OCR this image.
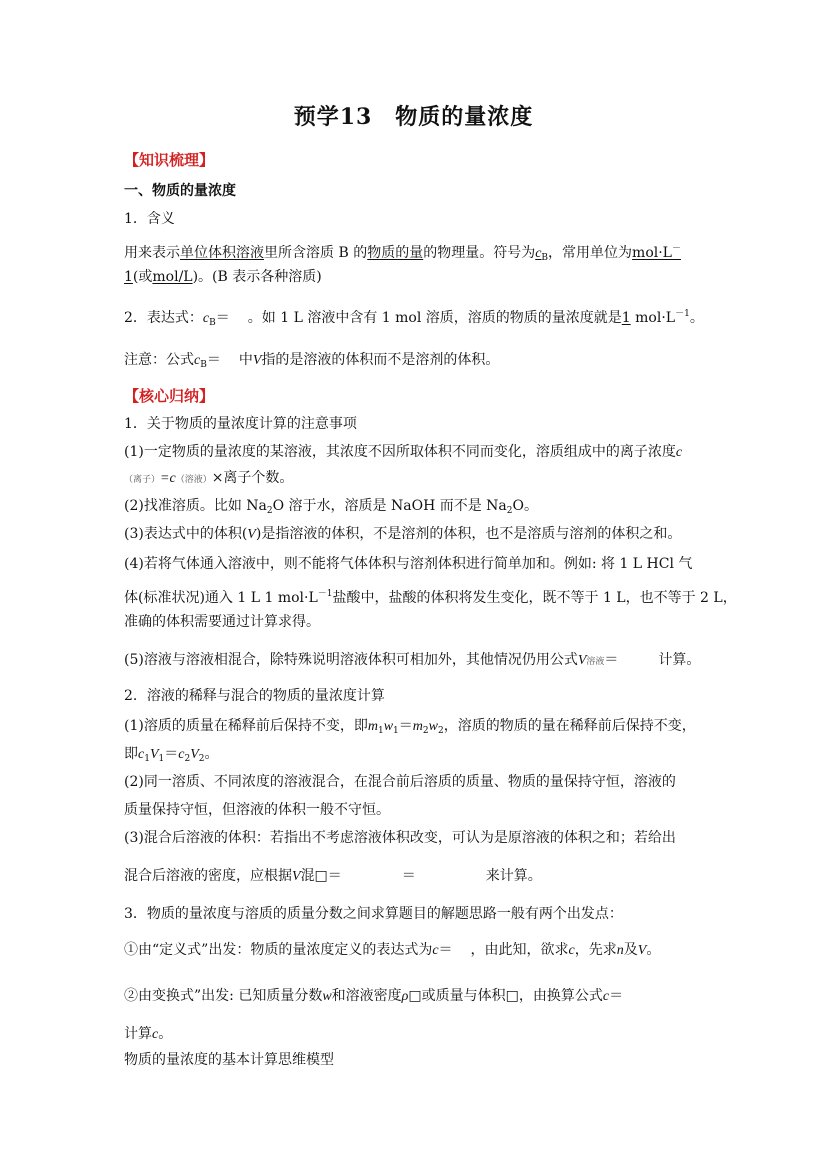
预学13　物质的量浓度
【知识梳理】
一、物质的量浓度
1．含义
用来表示单位体积溶液里所含溶质 B 的物质的量的物理量。符号为$c_B$，常用单位为mol·L－
1(或mol/L)。(B 表示各种溶质)
2．表达式：$c_B=$ 。如 1 L 溶液中含有 1 mol 溶质，溶质的物质的量浓度就是1 $mol\cdot L^{-1}$。
注意：公式$c_B=$ 中V指的是溶液的体积而不是溶剂的体积。
【核心归纳】
1．关于物质的量浓度计算的注意事项
(1)一定物质的量浓度的某溶液，其浓度不因所取体积不同而变化，溶质组成中的离子浓度c
（离子）=c（溶液）×离子个数。
(2)找准溶质。比如 $Na_2O$ 溶于水，溶质是 NaOH 而不是 $Na_2O$。
(3)表达式中的体积(V)是指溶液的体积，不是溶剂的体积，也不是溶质与溶剂的体积之和。
(4)若将气体通入溶液中，则不能将气体体积与溶剂体积进行简单加和。例如: 将 1 L HCl 气
体(标准状况)通入 1 L 1 $mol\cdot L^{-1}$盐酸中，盐酸的体积将发生变化，既不等于 1 L，也不等于 2 L，
准确的体积需要通过计算求得。
(5)溶液与溶液相混合，除特殊说明溶液体积可相加外，其他情况仍用公式V溶液＝	计算。
2．溶液的稀释与混合的物质的量浓度计算
(1)溶质的质量在稀释前后保持不变，即$m_1w_1=m_2w_2$，溶质的物质的量在稀释前后保持不变，
即$c_1V_1=c_2V_2$。
(2)同一溶质、不同浓度的溶液混合，在混合前后溶质的质量、物质的量保持守恒，溶液的
质量保持守恒，但溶液的体积一般不守恒。
(3)混合后溶液的体积：若指出不考虑溶液体积改变，可认为是原溶液的体积之和；若给出
混合后溶液的密度，应根据V混□＝	＝	来计算。
3．物质的量浓度与溶质的质量分数之间求算题目的解题思路一般有两个出发点：
①由“定义式”出发：物质的量浓度定义的表达式为c＝ ，由此知，欲求c，先求n及V。
②由变换式”出发: 已知质量分数w和溶液密度ρ□或质量与体积□，由换算公式c＝
计算c。
物质的量浓度的基本计算思维模型
